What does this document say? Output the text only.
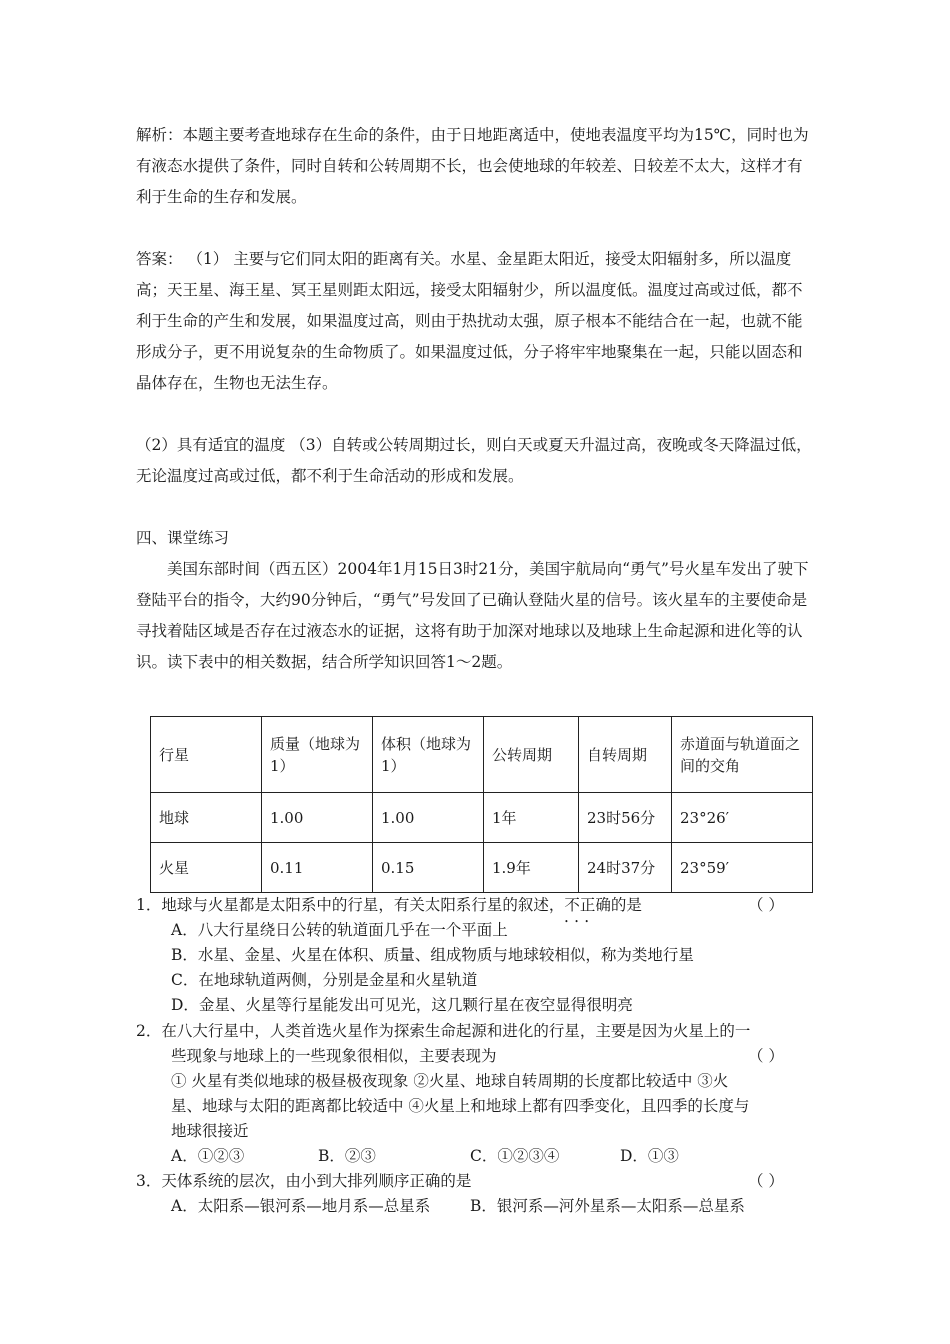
解析：本题主要考查地球存在生命的条件，由于日地距离适中，使地表温度平均为15℃，同时也为有液态水提供了条件，同时自转和公转周期不长，也会使地球的年较差、日较差不太大，这样才有利于生命的生存和发展。

答案： （1） 主要与它们同太阳的距离有关。水星、金星距太阳近，接受太阳辐射多，所以温度高；天王星、海王星、冥王星则距太阳远，接受太阳辐射少，所以温度低。温度过高或过低，都不利于生命的产生和发展，如果温度过高，则由于热扰动太强，原子根本不能结合在一起，也就不能形成分子，更不用说复杂的生命物质了。如果温度过低，分子将牢牢地聚集在一起，只能以固态和晶体存在，生物也无法生存。

（2）具有适宜的温度 （3）自转或公转周期过长，则白天或夏天升温过高，夜晚或冬天降温过低，无论温度过高或过低，都不利于生命活动的形成和发展。

四、课堂练习

美国东部时间（西五区）2004年1月15日3时21分，美国宇航局向“勇气”号火星车发出了驶下登陆平台的指令，大约90分钟后，“勇气”号发回了已确认登陆火星的信号。该火星车的主要使命是寻找着陆区域是否存在过液态水的证据，这将有助于加深对地球以及地球上生命起源和进化等的认识。读下表中的相关数据，结合所学知识回答1～2题。

行星	质量（地球为1）	体积（地球为1）	公转周期	自转周期	赤道面与轨道面之间的交角
地球	1.00	1.00	1年	23时56分	23°26′
火星	0.11	0.15	1.9年	24时37分	23°59′
1．地球与火星都是太阳系中的行星，有关太阳系行星的叙述，不正确 •••的是	（ ）
A．八大行星绕日公转的轨道面几乎在一个平面上
B．水星、金星、火星在体积、质量、组成物质与地球较相似，称为类地行星
C．在地球轨道两侧，分别是金星和火星轨道
D．金星、火星等行星能发出可见光，这几颗行星在夜空显得很明亮
2．在八大行星中，人类首选火星作为探索生命起源和进化的行星，主要是因为火星上的一
些现象与地球上的一些现象很相似，主要表现为	（ ）
① 火星有类似地球的极昼极夜现象 ②火星、地球自转周期的长度都比较适中 ③火
星、地球与太阳的距离都比较适中 ④火星上和地球上都有四季变化，且四季的长度与
地球很接近
A．①②③	B．②③	C．①②③④	D．①③
3．天体系统的层次，由小到大排列顺序正确的是	（ ）
A．太阳系—银河系—地月系—总星系	B．银河系—河外星系—太阳系—总星系
